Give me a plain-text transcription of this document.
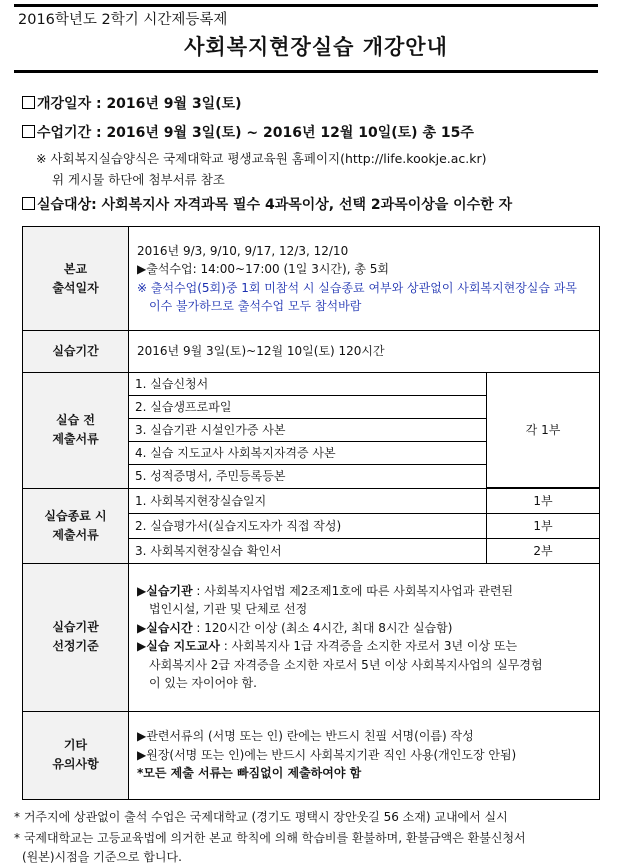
2016학년도 2학기 시간제등록제
사회복지현장실습 개강안내
개강일자 : 2016년 9월 3일(토)
수업기간 : 2016년 9월 3일(토) ~ 2016년 12월 10일(토) 총 15주
※ 사회복지실습양식은 국제대학교 평생교육원 홈페이지(http://life.kookje.ac.kr)
위 게시물 하단에 첨부서류 참조
실습대상: 사회복지사 자격과목 필수 4과목이상, 선택 2과목이상을 이수한 자
본교
출석일자

2016년 9/3, 9/10, 9/17, 12/3, 12/10
▶출석수업: 14:00~17:00 (1일 3시간), 총 5회
※ 출석수업(5회)중 1회 미참석 시 실습종료 여부와 상관없이 사회복지현장실습 과목
이수 불가하므로 출석수업 모두 참석바람

실습기간	2016년 9월 3일(토)~12월 10일(토) 120시간

실습 전
제출서류

1. 실습신청서	각 1부
2. 실습생프로파일
3. 실습기관 시설인가증 사본
4. 실습 지도교사 사회복지자격증 사본
5. 성적증명서, 주민등록등본

실습종료 시
제출서류

1. 사회복지현장실습일지	1부
2. 실습평가서(실습지도자가 직접 작성)	1부
3. 사회복지현장실습 확인서	2부

실습기관
선정기준

▶실습기관 : 사회복지사업법 제2조제1호에 따른 사회복지사업과 관련된
법인시설, 기관 및 단체로 선정
▶실습시간 : 120시간 이상 (최소 4시간, 최대 8시간 실습함)
▶실습 지도교사 : 사회복지사 1급 자격증을 소지한 자로서 3년 이상 또는
사회복지사 2급 자격증을 소지한 자로서 5년 이상 사회복지사업의 실무경험
이 있는 자이어야 함.

기타
유의사항

▶관련서류의 (서명 또는 인) 란에는 반드시 친필 서명(이름) 작성
▶원장(서명 또는 인)에는 반드시 사회복지기관 직인 사용(개인도장 안됨)
*모든 제출 서류는 빠짐없이 제출하여야 함
* 거주지에 상관없이 출석 수업은 국제대학교 (경기도 평택시 장안웃길 56 소재) 교내에서 실시
* 국제대학교는 고등교육법에 의거한 본교 학칙에 의해 학습비를 환불하며, 환불금액은 환불신청서
(원본)시점을 기준으로 합니다.
